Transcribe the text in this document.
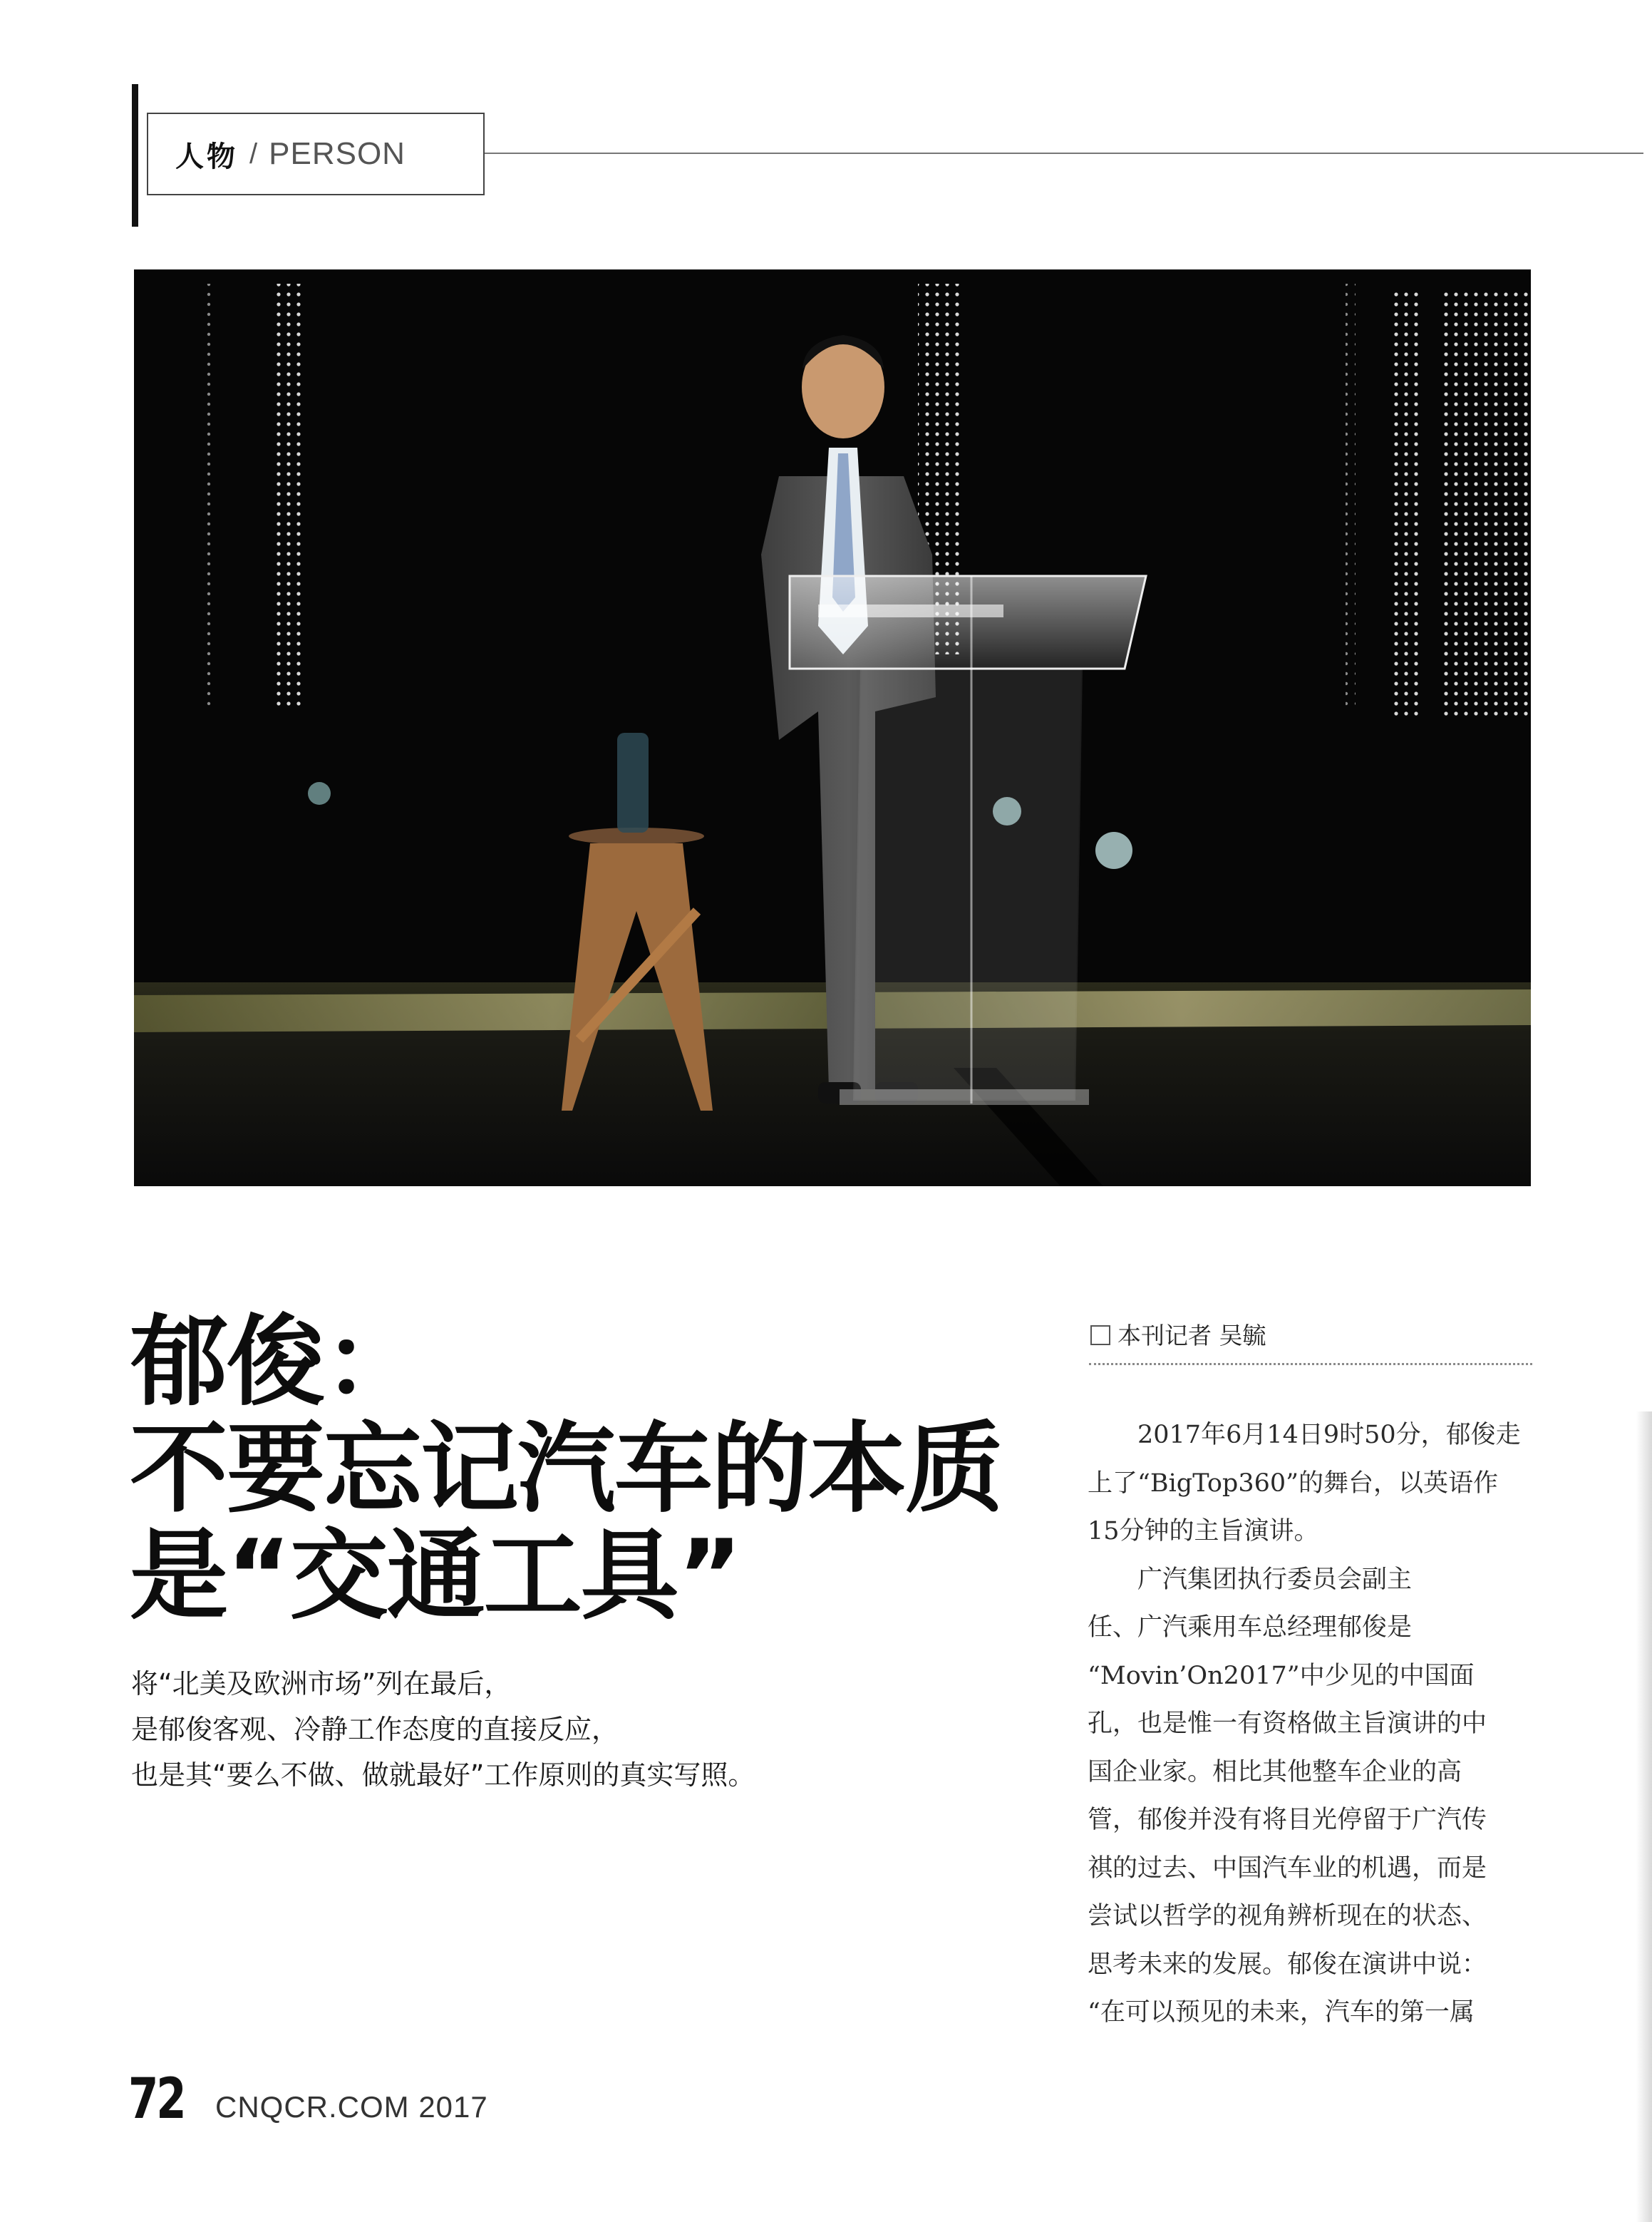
人物 / PERSON
郁俊：
不要忘记汽车的本质
是“交通工具”
将“北美及欧洲市场”列在最后，
是郁俊客观、冷静工作态度的直接反应，
也是其“要么不做、做就最好”工作原则的真实写照。
本刊记者 吴毓
　　2017年6月14日9时50分，郁俊走
上了“BigTop360”的舞台，以英语作
15分钟的主旨演讲。
　　广汽集团执行委员会副主
任、广汽乘用车总经理郁俊是
“Movin’On2017”中少见的中国面
孔，也是惟一有资格做主旨演讲的中
国企业家。相比其他整车企业的高
管，郁俊并没有将目光停留于广汽传
祺的过去、中国汽车业的机遇，而是
尝试以哲学的视角辨析现在的状态、
思考未来的发展。郁俊在演讲中说：
“在可以预见的未来，汽车的第一属
72 CNQCR.COM 2017
